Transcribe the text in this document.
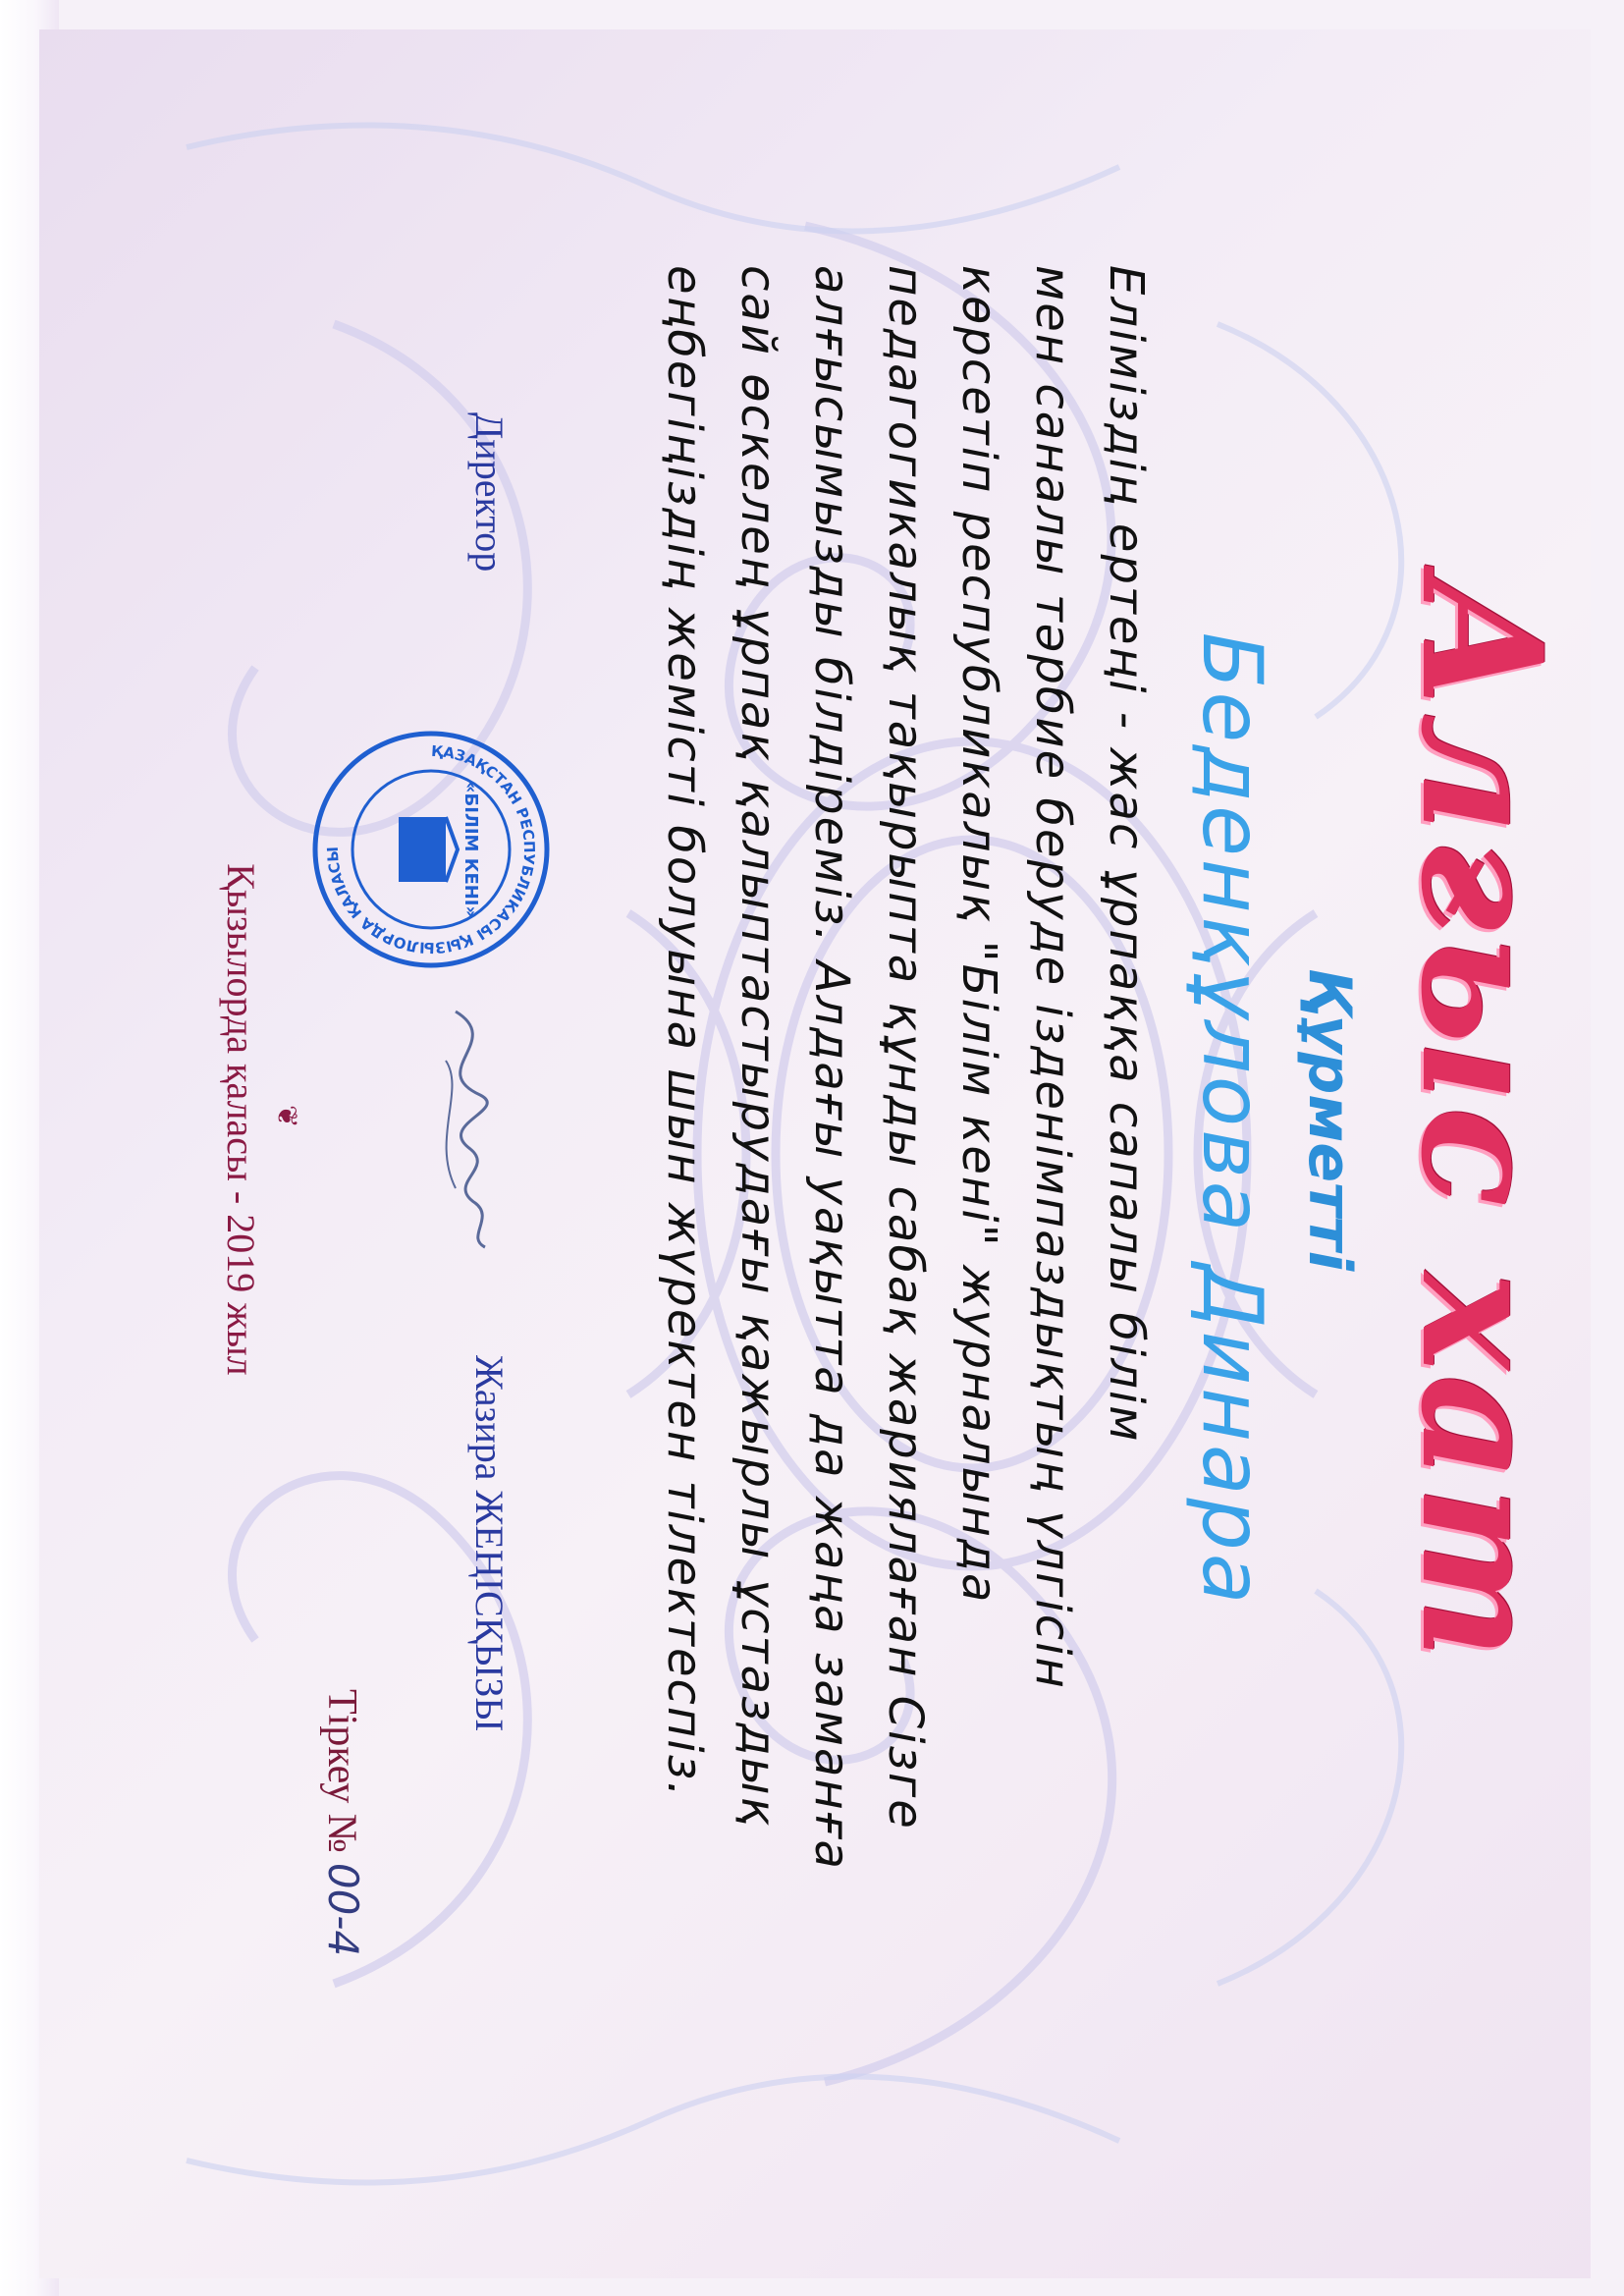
Алғыс хат
Құрметті
Беденқұлова Динара
Еліміздің ертеңі - жас ұрпаққа сапалы білім
мен саналы тәрбие беруде ізденімпаздықтың үлгісін
көрсетіп республикалық "Білім кені" журналында
педагогикалық тақырыпта құнды сабақ жариялаған Сізге
алғысымызды білдіреміз. Алдағы уақытта да жаңа заманға
сай өскелең ұрпақ қалыптастырудағы қажырлы ұстаздық
еңбегіңіздің жемісті болуына шын жүректен тілектеспіз.
Директор
ҚАЗАҚСТАН РЕСПУБЛИКАСЫ ҚЫЗЫЛОРДА ҚАЛАСЫ	«БІЛІМ КЕНІ»
Жазира ЖЕҢІСҚЫЗЫ
Тіркеу №00-4
❦
Қызылорда қаласы - 2019 жыл
